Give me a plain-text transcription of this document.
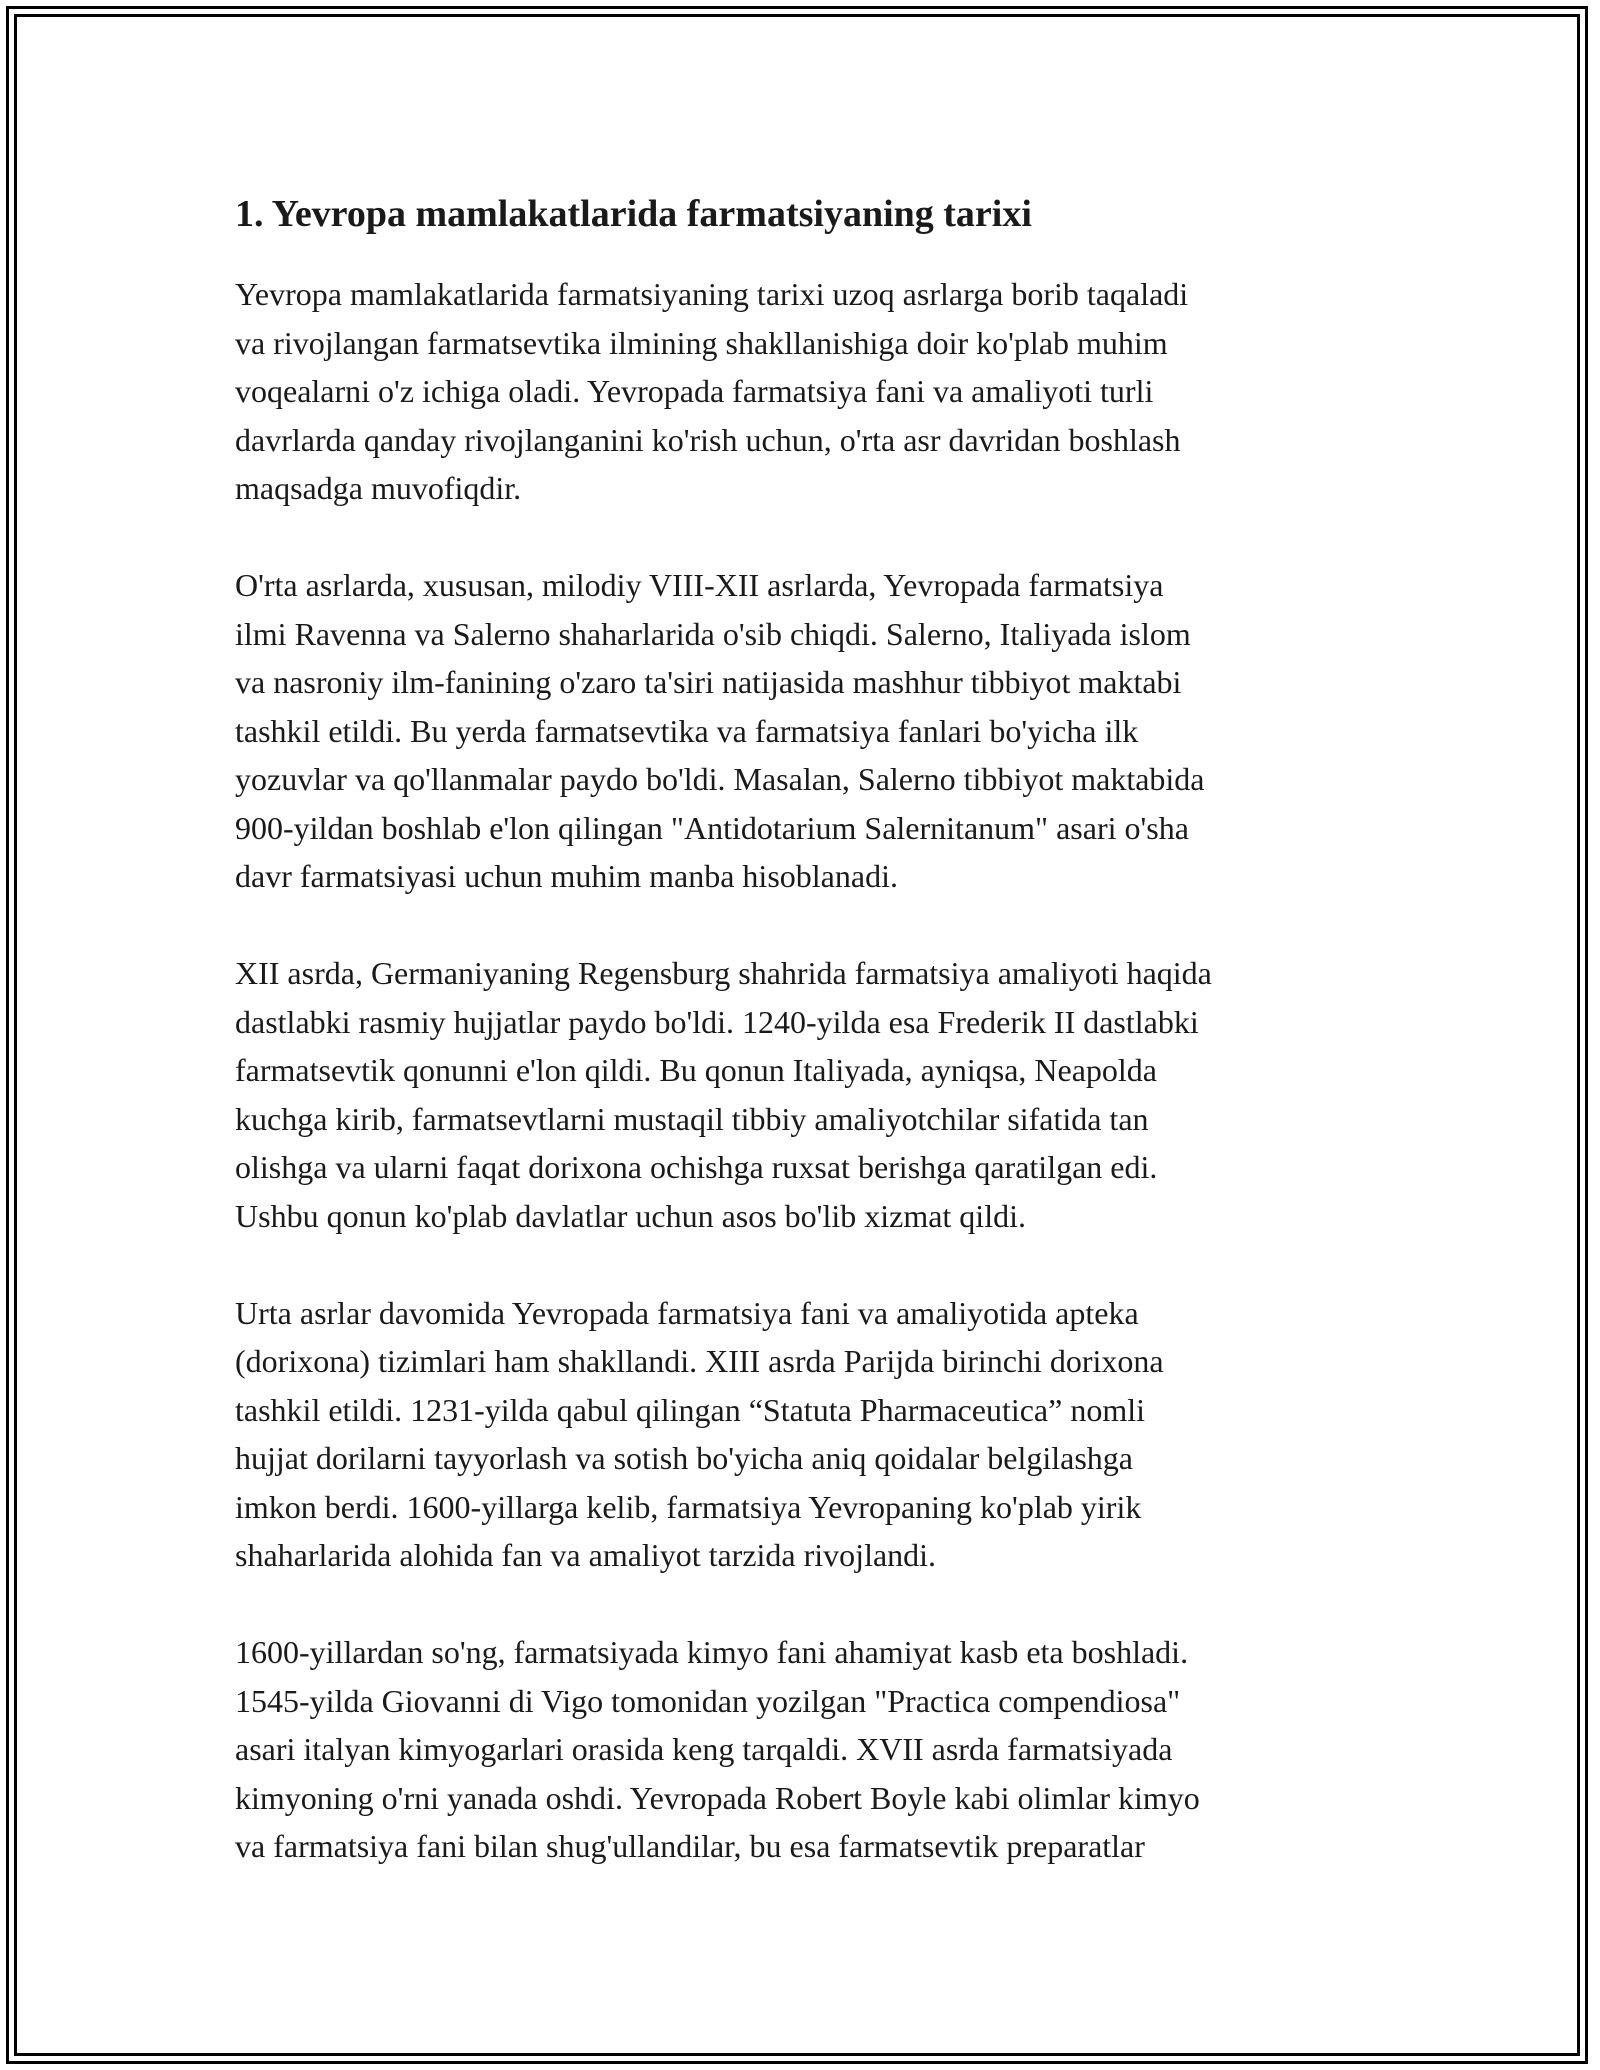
1. Yevropa mamlakatlarida farmatsiyaning tarixi

Yevropa mamlakatlarida farmatsiyaning tarixi uzoq asrlarga borib taqaladi
va rivojlangan farmatsevtika ilmining shakllanishiga doir ko'plab muhim
voqealarni o'z ichiga oladi. Yevropada farmatsiya fani va amaliyoti turli
davrlarda qanday rivojlanganini ko'rish uchun, o'rta asr davridan boshlash
maqsadga muvofiqdir.

O'rta asrlarda, xususan, milodiy VIII-XII asrlarda, Yevropada farmatsiya
ilmi Ravenna va Salerno shaharlarida o'sib chiqdi. Salerno, Italiyada islom
va nasroniy ilm-fanining o'zaro ta'siri natijasida mashhur tibbiyot maktabi
tashkil etildi. Bu yerda farmatsevtika va farmatsiya fanlari bo'yicha ilk
yozuvlar va qo'llanmalar paydo bo'ldi. Masalan, Salerno tibbiyot maktabida
900-yildan boshlab e'lon qilingan "Antidotarium Salernitanum" asari o'sha
davr farmatsiyasi uchun muhim manba hisoblanadi.

XII asrda, Germaniyaning Regensburg shahrida farmatsiya amaliyoti haqida
dastlabki rasmiy hujjatlar paydo bo'ldi. 1240-yilda esa Frederik II dastlabki
farmatsevtik qonunni e'lon qildi. Bu qonun Italiyada, ayniqsa, Neapolda
kuchga kirib, farmatsevtlarni mustaqil tibbiy amaliyotchilar sifatida tan
olishga va ularni faqat dorixona ochishga ruxsat berishga qaratilgan edi.
Ushbu qonun ko'plab davlatlar uchun asos bo'lib xizmat qildi.

Urta asrlar davomida Yevropada farmatsiya fani va amaliyotida apteka
(dorixona) tizimlari ham shakllandi. XIII asrda Parijda birinchi dorixona
tashkil etildi. 1231-yilda qabul qilingan “Statuta Pharmaceutica” nomli
hujjat dorilarni tayyorlash va sotish bo'yicha aniq qoidalar belgilashga
imkon berdi. 1600-yillarga kelib, farmatsiya Yevropaning ko'plab yirik
shaharlarida alohida fan va amaliyot tarzida rivojlandi.

1600-yillardan so'ng, farmatsiyada kimyo fani ahamiyat kasb eta boshladi.
1545-yilda Giovanni di Vigo tomonidan yozilgan "Practica compendiosa"
asari italyan kimyogarlari orasida keng tarqaldi. XVII asrda farmatsiyada
kimyoning o'rni yanada oshdi. Yevropada Robert Boyle kabi olimlar kimyo
va farmatsiya fani bilan shug'ullandilar, bu esa farmatsevtik preparatlar
